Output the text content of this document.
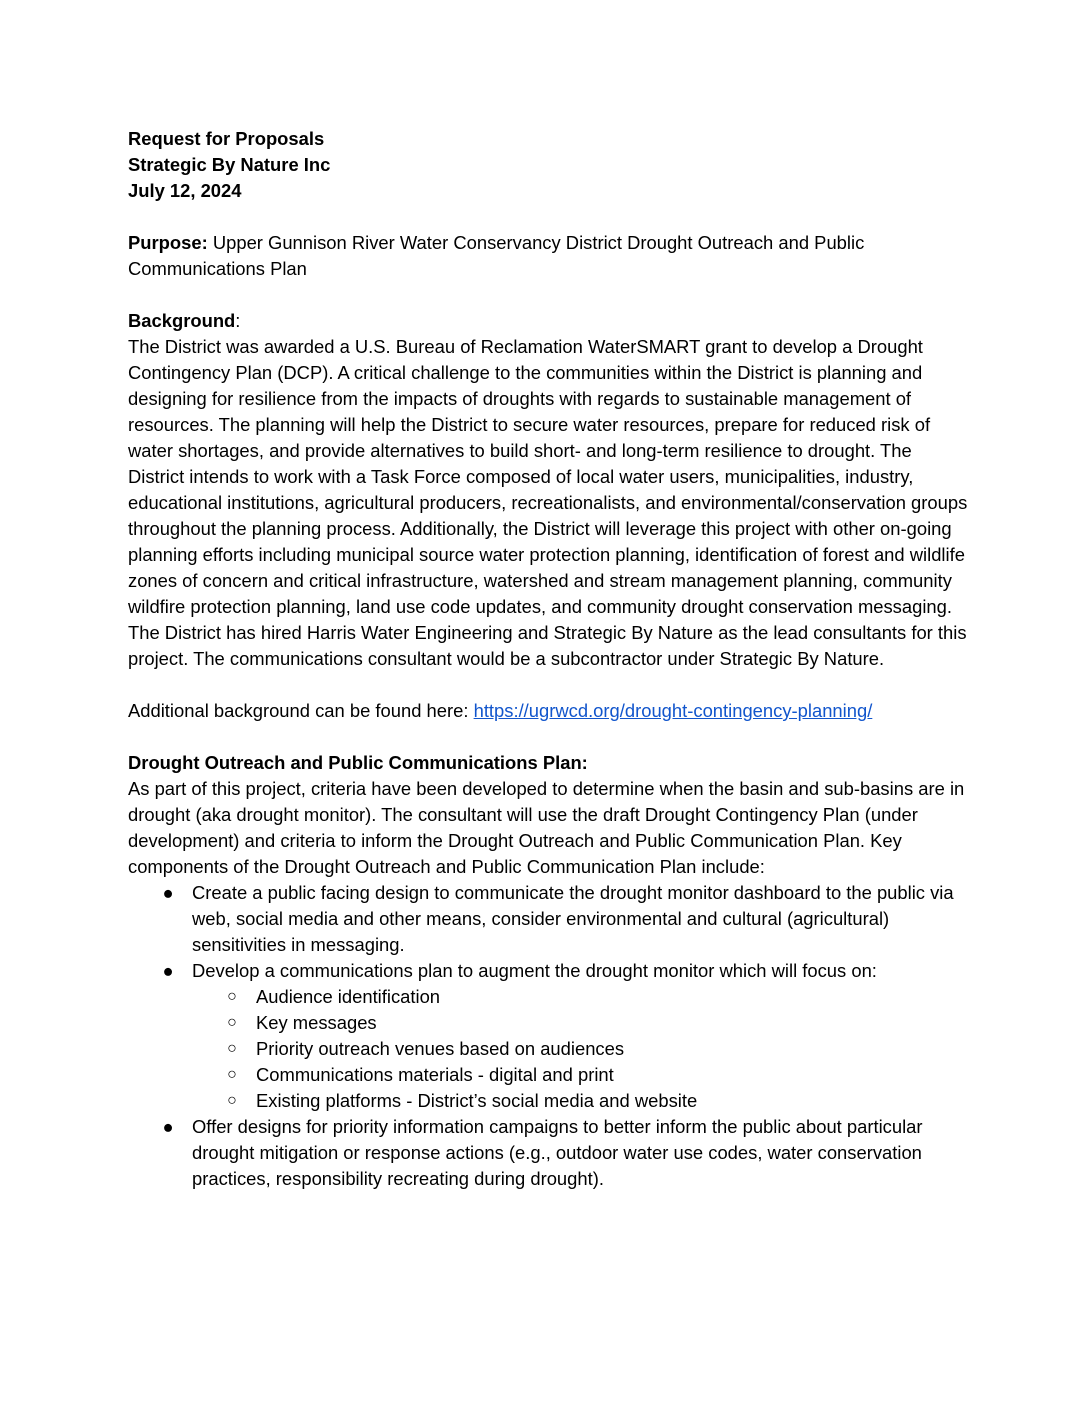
Request for Proposals

Strategic By Nature Inc

July 12, 2024

Purpose: Upper Gunnison River Water Conservancy District Drought Outreach and Public Communications Plan

Background:

The District was awarded a U.S. Bureau of Reclamation WaterSMART grant to develop a Drought Contingency Plan (DCP). A critical challenge to the communities within the District is planning and designing for resilience from the impacts of droughts with regards to sustainable management of resources. The planning will help the District to secure water resources, prepare for reduced risk of water shortages, and provide alternatives to build short- and long-term resilience to drought. The District intends to work with a Task Force composed of local water users, municipalities, industry, educational institutions, agricultural producers, recreationalists, and environmental/conservation groups throughout the planning process. Additionally, the District will leverage this project with other on-going planning efforts including municipal source water protection planning, identification of forest and wildlife zones of concern and critical infrastructure, watershed and stream management planning, community wildfire protection planning, land use code updates, and community drought conservation messaging. The District has hired Harris Water Engineering and Strategic By Nature as the lead consultants for this project. The communications consultant would be a subcontractor under Strategic By Nature.

Additional background can be found here: https://ugrwcd.org/drought-contingency-planning/

Drought Outreach and Public Communications Plan:

As part of this project, criteria have been developed to determine when the basin and sub-basins are in drought (aka drought monitor). The consultant will use the draft Drought Contingency Plan (under development) and criteria to inform the Drought Outreach and Public Communication Plan. Key components of the Drought Outreach and Public Communication Plan include:

● Create a public facing design to communicate the drought monitor dashboard to the public via web, social media and other means, consider environmental and cultural (agricultural) sensitivities in messaging.
● Develop a communications plan to augment the drought monitor which will focus on:
○ Audience identification
○ Key messages
○ Priority outreach venues based on audiences
○ Communications materials - digital and print
○ Existing platforms - District’s social media and website
● Offer designs for priority information campaigns to better inform the public about particular drought mitigation or response actions (e.g., outdoor water use codes, water conservation practices, responsibility recreating during drought).
